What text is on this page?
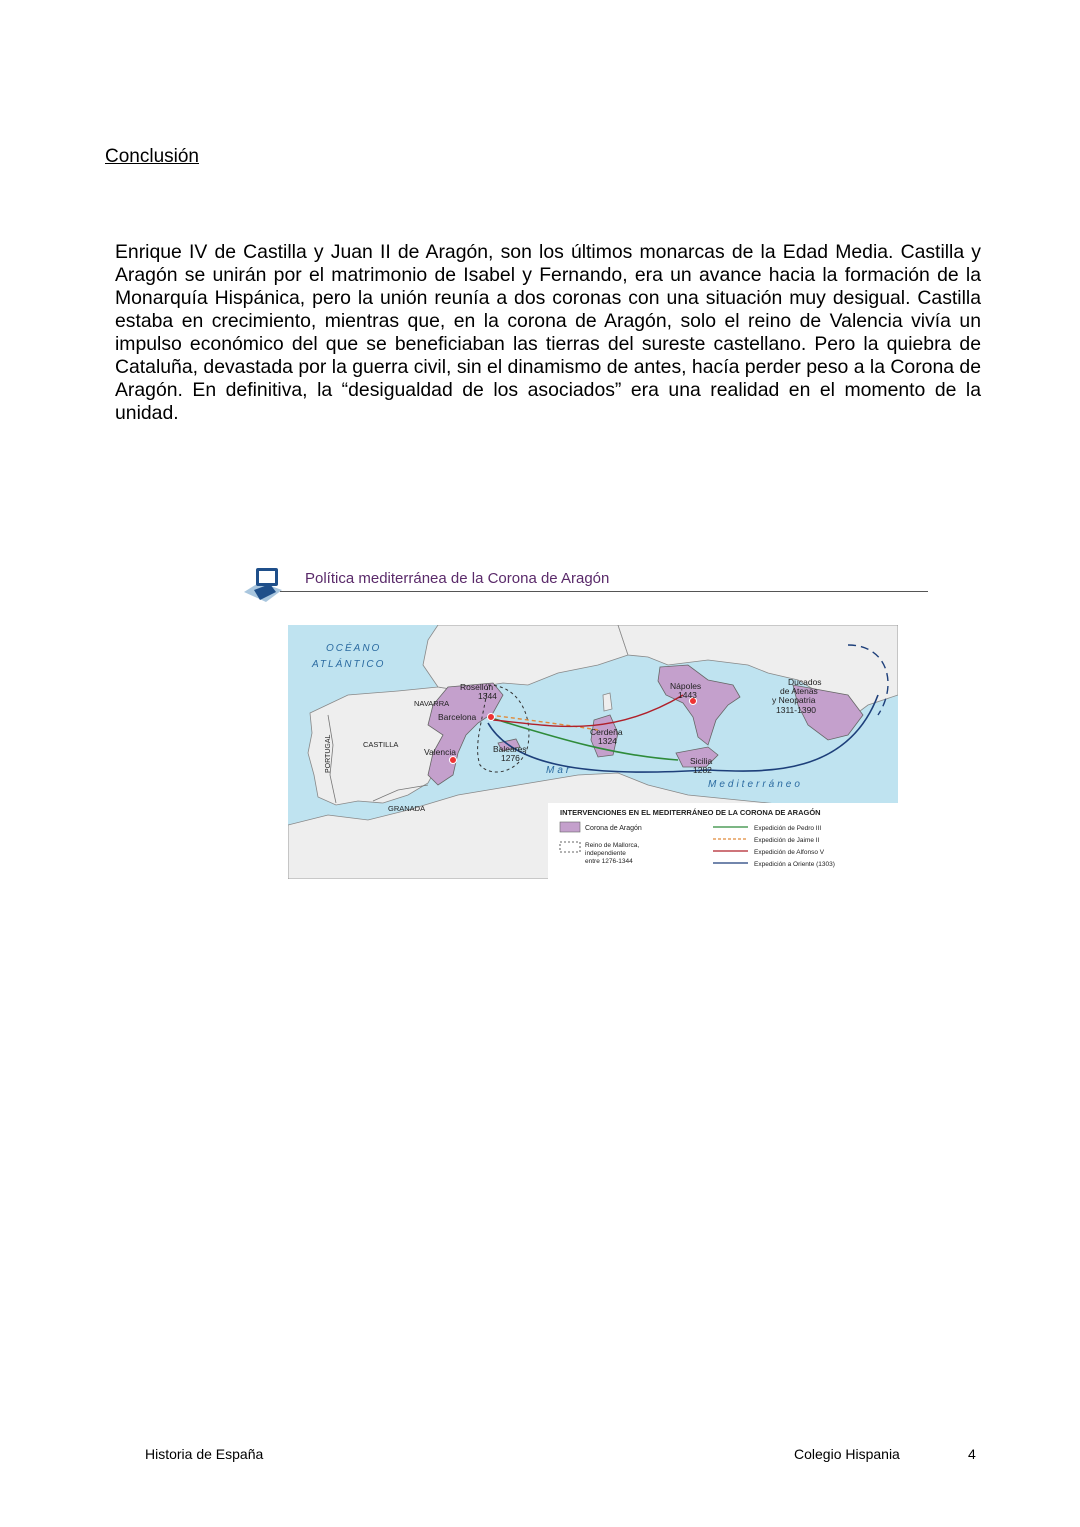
Conclusión

Enrique IV de Castilla y Juan II de Aragón, son los últimos monarcas de la Edad Media. Castilla y Aragón se unirán por el matrimonio de Isabel y Fernando, era un avance hacia la formación de la Monarquía Hispánica, pero la unión reunía a dos coronas con una situación muy desigual. Castilla estaba en crecimiento, mientras que, en la corona de Aragón, solo el reino de Valencia vivía un impulso económico del que se beneficiaban las tierras del sureste castellano. Pero la quiebra de Cataluña, devastada por la guerra civil, sin el dinamismo de antes, hacía perder peso a la Corona de Aragón. En definitiva, la “desigualdad de los asociados” era una realidad en el momento de la unidad.

Política mediterránea de la Corona de Aragón
OCÉANO
ATLÁNTICO
Mar
Mediterráneo
Rosellón
1344
NAVARRA
Barcelona
CASTILLA
PORTUGAL	Valencia	Baleares
1276
GRANADA
Cerdeña
1324
Nápoles
1443
Sicilia
1282
Ducados
de Atenas
y Neopatria
1311-1390
INTERVENCIONES EN EL MEDITERRÁNEO DE LA CORONA DE ARAGÓN
Corona de Aragón
Reino de Mallorca,
independiente
entre 1276-1344
Expedición de Pedro III
Expedición de Jaime II
Expedición de Alfonso V
Expedición a Oriente (1303)
Historia de España	Colegio Hispania	4
